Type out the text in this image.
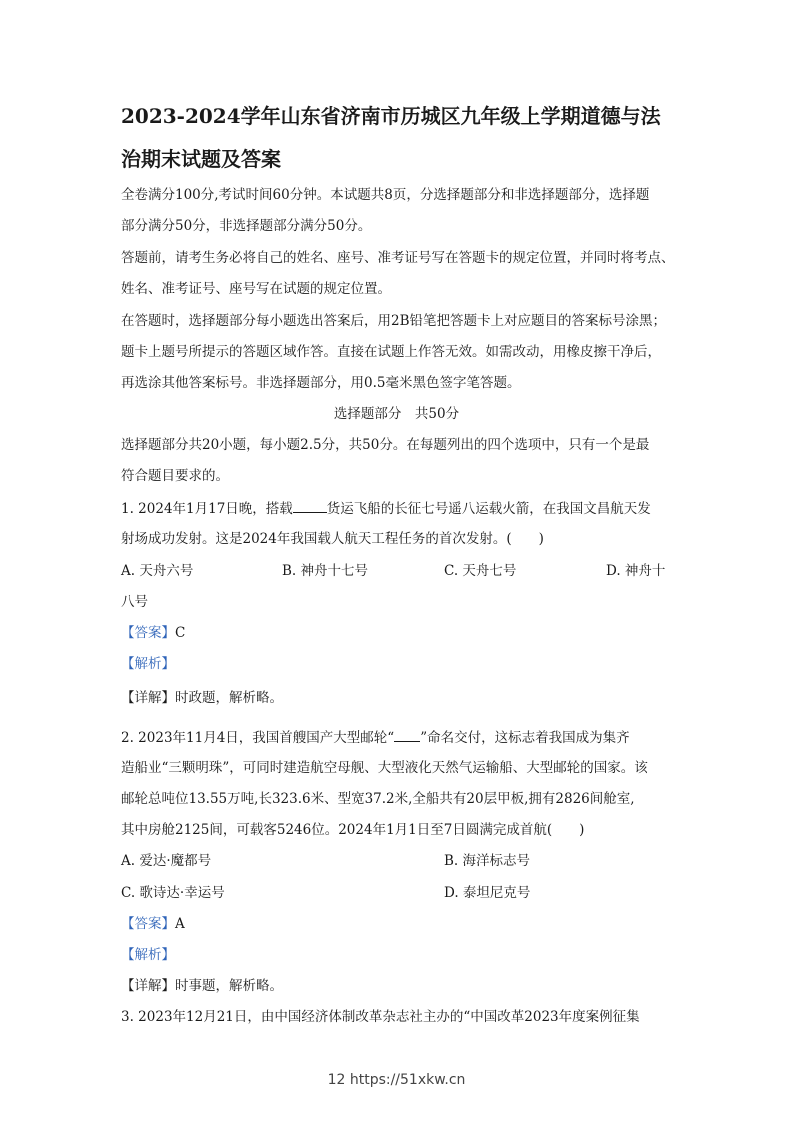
2023-2024学年山东省济南市历城区九年级上学期道德与法
治期末试题及答案
全卷满分100分,考试时间60分钟。本试题共8页，分选择题部分和非选择题部分，选择题
部分满分50分，非选择题部分满分50分。
答题前，请考生务必将自己的姓名、座号、准考证号写在答题卡的规定位置，并同时将考点、
姓名、准考证号、座号写在试题的规定位置。
在答题时，选择题部分每小题选出答案后，用2B铅笔把答题卡上对应题目的答案标号涂黑；
题卡上题号所提示的答题区域作答。直接在试题上作答无效。如需改动，用橡皮擦干净后，
再选涂其他答案标号。非选择题部分，用0.5毫米黑色签字笔答题。
选择题部分　共50分
选择题部分共20小题，每小题2.5分，共50分。在每题列出的四个选项中，只有一个是最
符合题目要求的。
1. 2024年1月17日晚，搭载	货运飞船的长征七号遥八运载火箭，在我国文昌航天发
射场成功发射。这是2024年我国载人航天工程任务的首次发射。(　　)
A. 天舟六号	B. 神舟十七号	C. 天舟七号	D. 神舟十
八号
【答案】C
【解析】
【详解】时政题，解析略。
2. 2023年11月4日，我国首艘国产大型邮轮“ ”命名交付，这标志着我国成为集齐
造船业“三颗明珠”，可同时建造航空母舰、大型液化天然气运输船、大型邮轮的国家。该
邮轮总吨位13.55万吨,长323.6米、型宽37.2米,全船共有20层甲板,拥有2826间舱室,
其中房舱2125间，可载客5246位。2024年1月1日至7日圆满完成首航(　　)
A. 爱达·魔都号	B. 海洋标志号
C. 歌诗达·幸运号	D. 泰坦尼克号
【答案】A
【解析】
【详解】时事题，解析略。
3. 2023年12月21日，由中国经济体制改革杂志社主办的“中国改革2023年度案例征集
12 https://51xkw.cn
